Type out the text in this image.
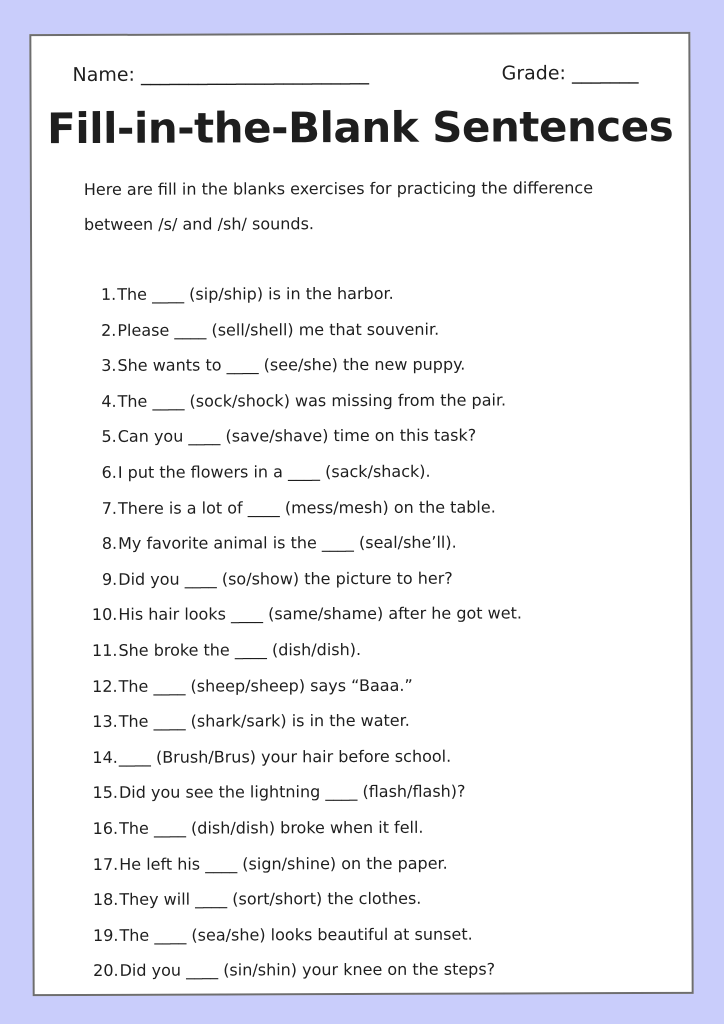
Name: ________________________	Grade: _______
Fill-in-the-Blank Sentences
Here are fill in the blanks exercises for practicing the difference between /s/ and /sh/ sounds.
1. The ____ (sip/ship) is in the harbor.
2. Please ____ (sell/shell) me that souvenir.
3. She wants to ____ (see/she) the new puppy.
4. The ____ (sock/shock) was missing from the pair.
5. Can you ____ (save/shave) time on this task?
6. I put the flowers in a ____ (sack/shack).
7. There is a lot of ____ (mess/mesh) on the table.
8. My favorite animal is the ____ (seal/she’ll).
9. Did you ____ (so/show) the picture to her?
10. His hair looks ____ (same/shame) after he got wet.
11. She broke the ____ (dish/dish).
12. The ____ (sheep/sheep) says “Baaa.”
13. The ____ (shark/sark) is in the water.
14. ____ (Brush/Brus) your hair before school.
15. Did you see the lightning ____ (flash/flash)?
16. The ____ (dish/dish) broke when it fell.
17. He left his ____ (sign/shine) on the paper.
18. They will ____ (sort/short) the clothes.
19. The ____ (sea/she) looks beautiful at sunset.
20. Did you ____ (sin/shin) your knee on the steps?
